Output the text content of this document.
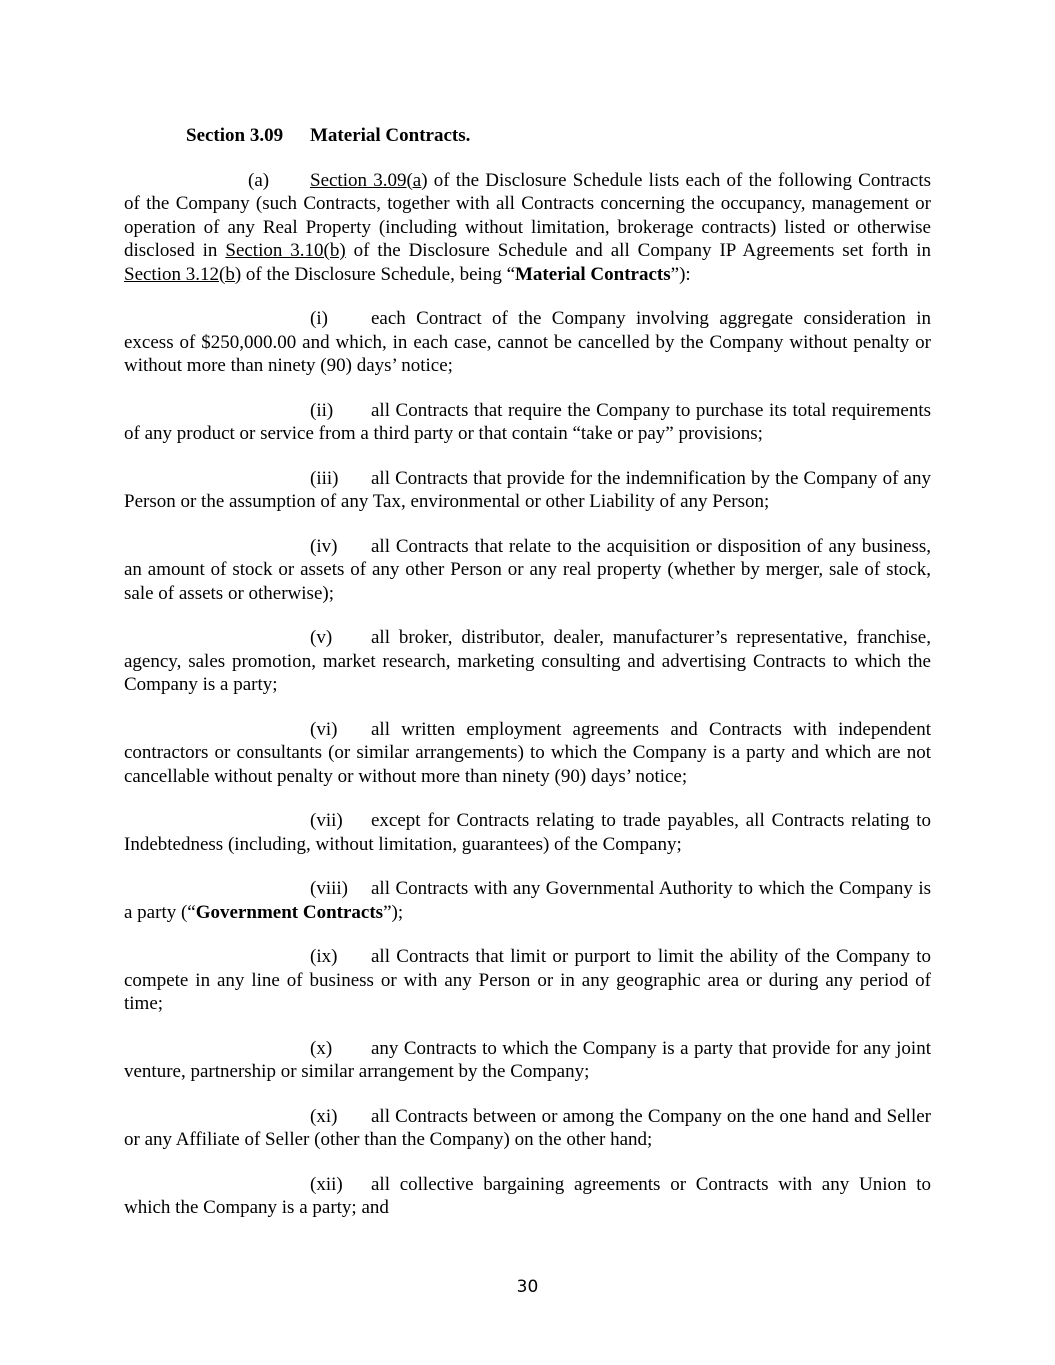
Section 3.09 Material Contracts.

(a) Section 3.09(a) of the Disclosure Schedule lists each of the following Contracts of the Company (such Contracts, together with all Contracts concerning the occupancy, management or operation of any Real Property (including without limitation, brokerage contracts) listed or otherwise disclosed in Section 3.10(b) of the Disclosure Schedule and all Company IP Agreements set forth in Section 3.12(b) of the Disclosure Schedule, being “Material Contracts”):

(i) each Contract of the Company involving aggregate consideration in excess of $250,000.00 and which, in each case, cannot be cancelled by the Company without penalty or without more than ninety (90) days’ notice;

(ii) all Contracts that require the Company to purchase its total requirements of any product or service from a third party or that contain “take or pay” provisions;

(iii) all Contracts that provide for the indemnification by the Company of any Person or the assumption of any Tax, environmental or other Liability of any Person;

(iv) all Contracts that relate to the acquisition or disposition of any business, an amount of stock or assets of any other Person or any real property (whether by merger, sale of stock, sale of assets or otherwise);

(v) all broker, distributor, dealer, manufacturer’s representative, franchise, agency, sales promotion, market research, marketing consulting and advertising Contracts to which the Company is a party;

(vi) all written employment agreements and Contracts with independent contractors or consultants (or similar arrangements) to which the Company is a party and which are not cancellable without penalty or without more than ninety (90) days’ notice;

(vii) except for Contracts relating to trade payables, all Contracts relating to Indebtedness (including, without limitation, guarantees) of the Company;

(viii) all Contracts with any Governmental Authority to which the Company is a party (“Government Contracts”);

(ix) all Contracts that limit or purport to limit the ability of the Company to compete in any line of business or with any Person or in any geographic area or during any period of time;

(x) any Contracts to which the Company is a party that provide for any joint venture, partnership or similar arrangement by the Company;

(xi) all Contracts between or among the Company on the one hand and Seller or any Affiliate of Seller (other than the Company) on the other hand;

(xii) all collective bargaining agreements or Contracts with any Union to which the Company is a party; and

30
